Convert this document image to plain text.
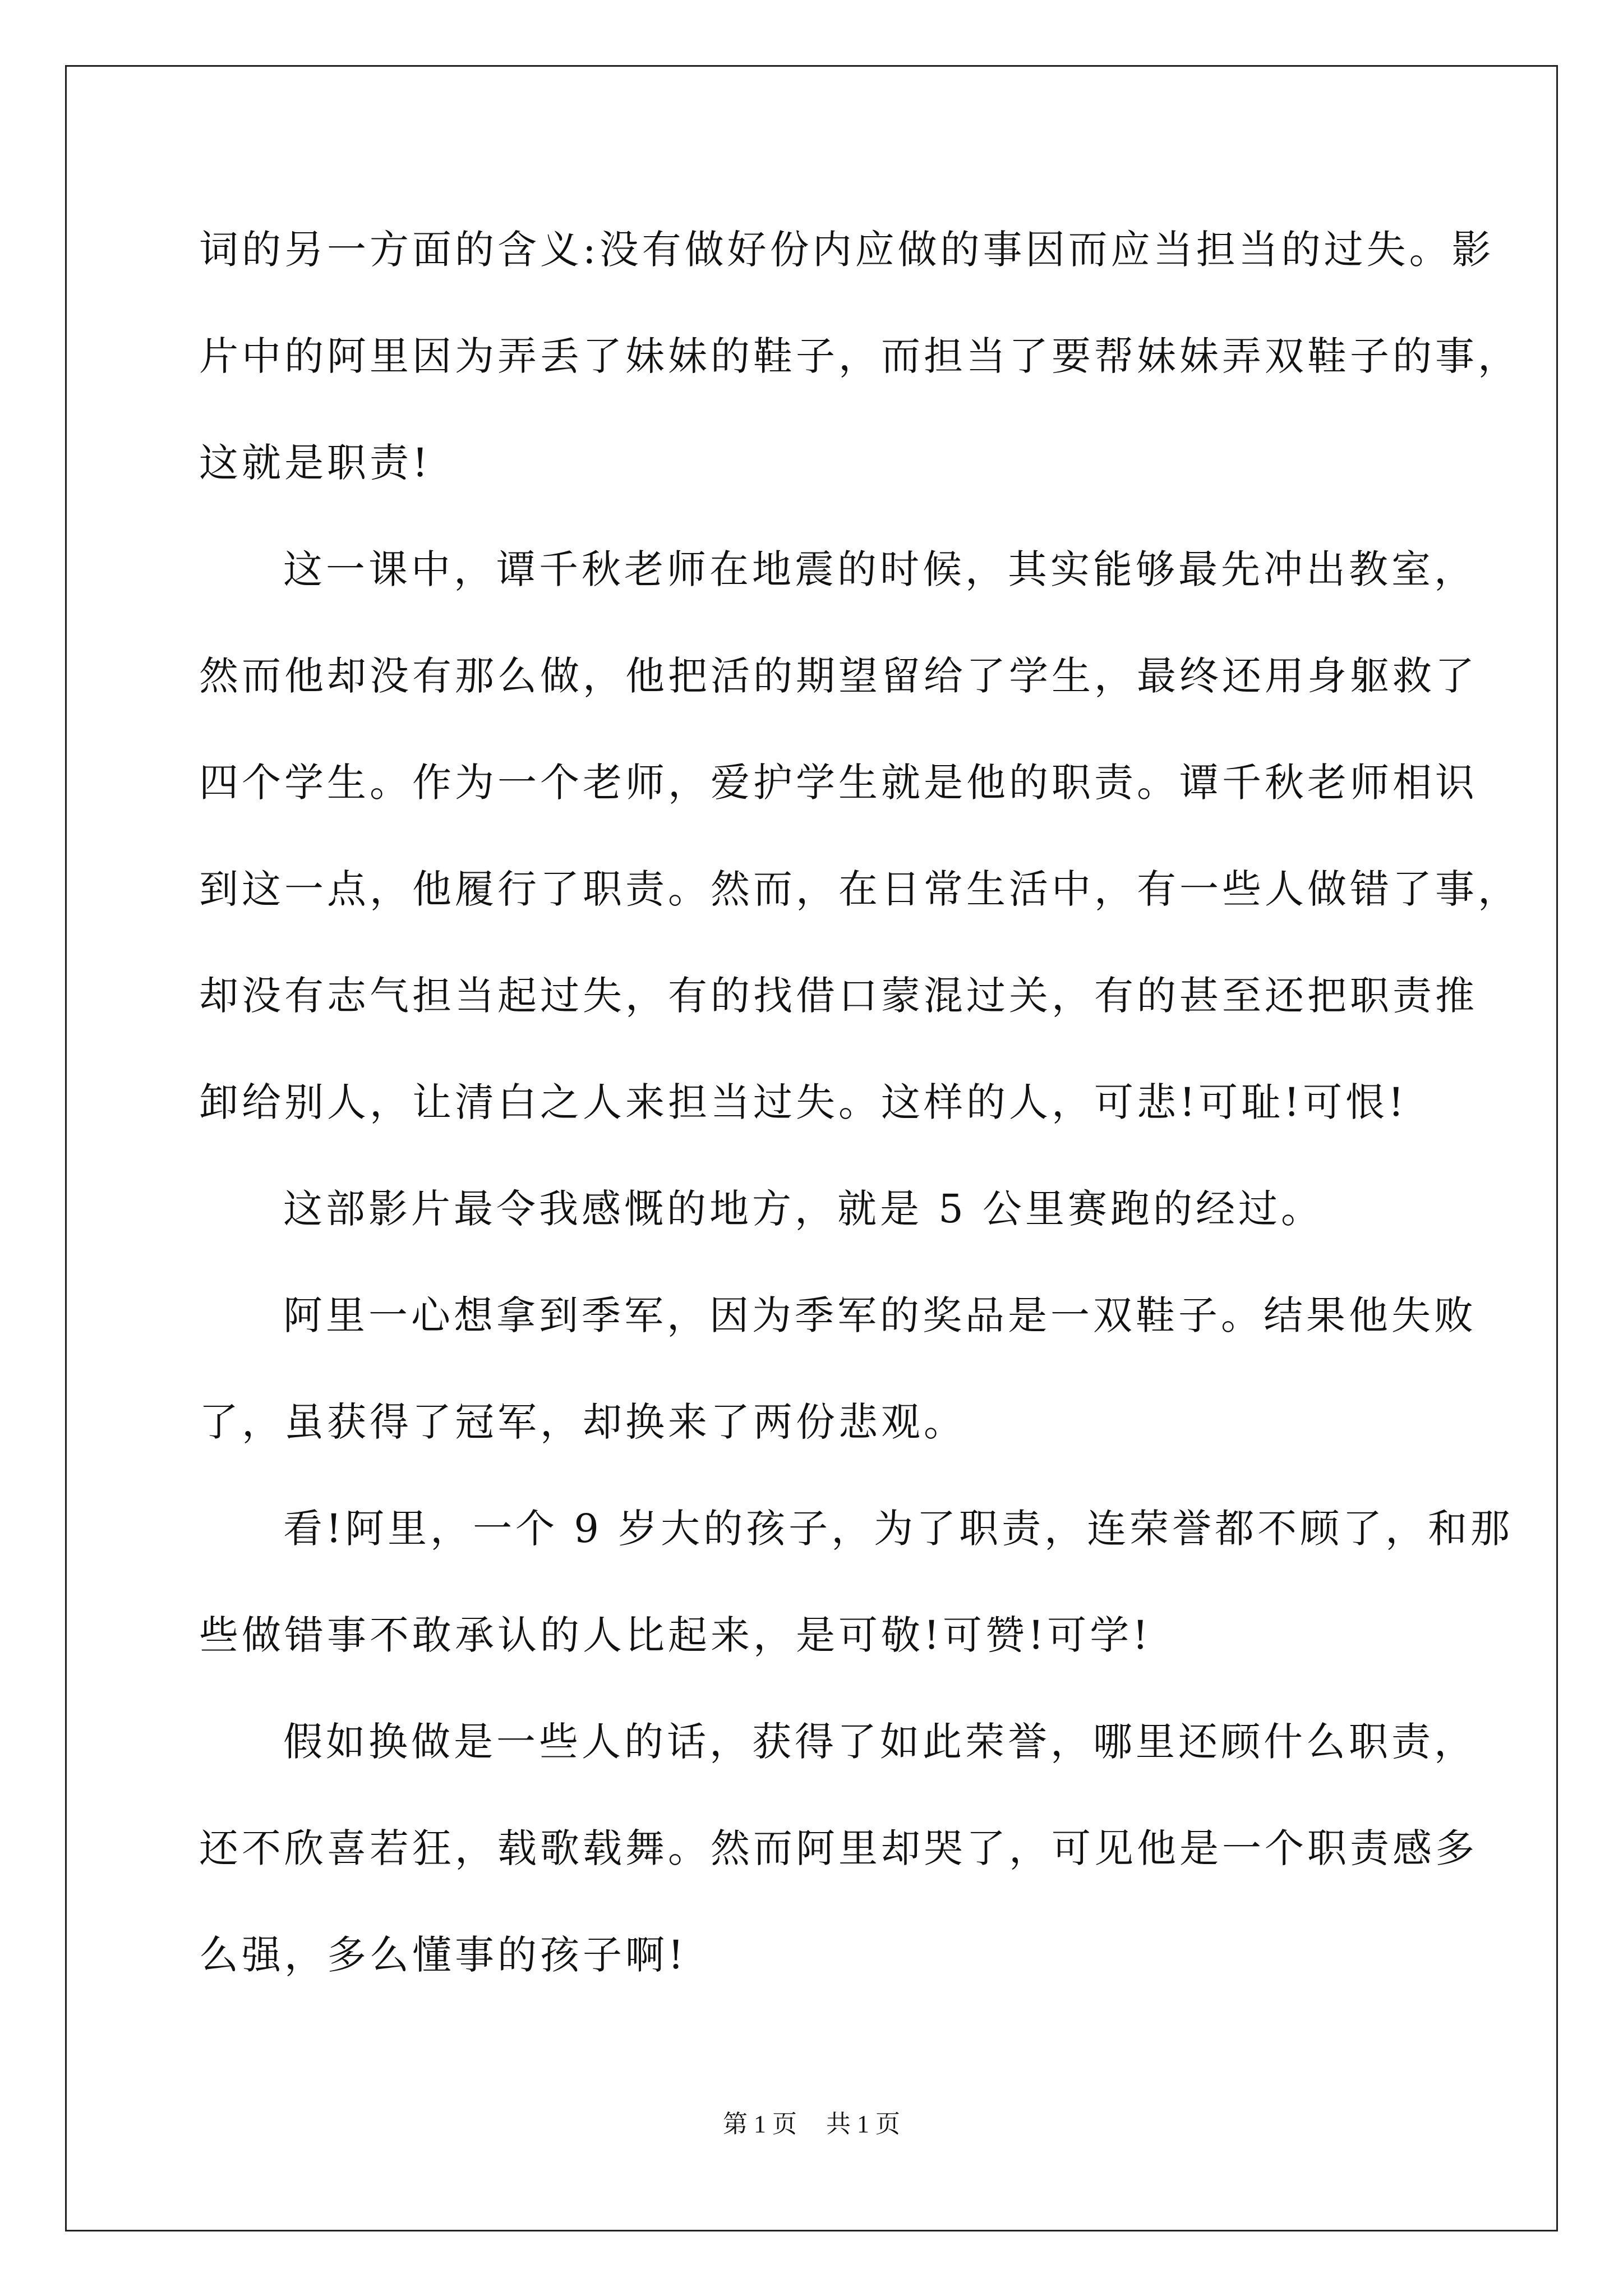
词的另一方面的含义:没有做好份内应做的事因而应当担当的过失。影
片中的阿里因为弄丢了妹妹的鞋子，而担当了要帮妹妹弄双鞋子的事，
这就是职责!
这一课中，谭千秋老师在地震的时候，其实能够最先冲出教室，
然而他却没有那么做，他把活的期望留给了学生，最终还用身躯救了
四个学生。作为一个老师，爱护学生就是他的职责。谭千秋老师相识
到这一点，他履行了职责。然而，在日常生活中，有一些人做错了事，
却没有志气担当起过失，有的找借口蒙混过关，有的甚至还把职责推
卸给别人，让清白之人来担当过失。这样的人，可悲!可耻!可恨!
这部影片最令我感慨的地方，就是 5 公里赛跑的经过。
阿里一心想拿到季军，因为季军的奖品是一双鞋子。结果他失败
了，虽获得了冠军，却换来了两份悲观。
看!阿里，一个 9 岁大的孩子，为了职责，连荣誉都不顾了，和那
些做错事不敢承认的人比起来，是可敬!可赞!可学!
假如换做是一些人的话，获得了如此荣誉，哪里还顾什么职责，
还不欣喜若狂，载歌载舞。然而阿里却哭了，可见他是一个职责感多
么强，多么懂事的孩子啊!
第 1 页 共 1 页
